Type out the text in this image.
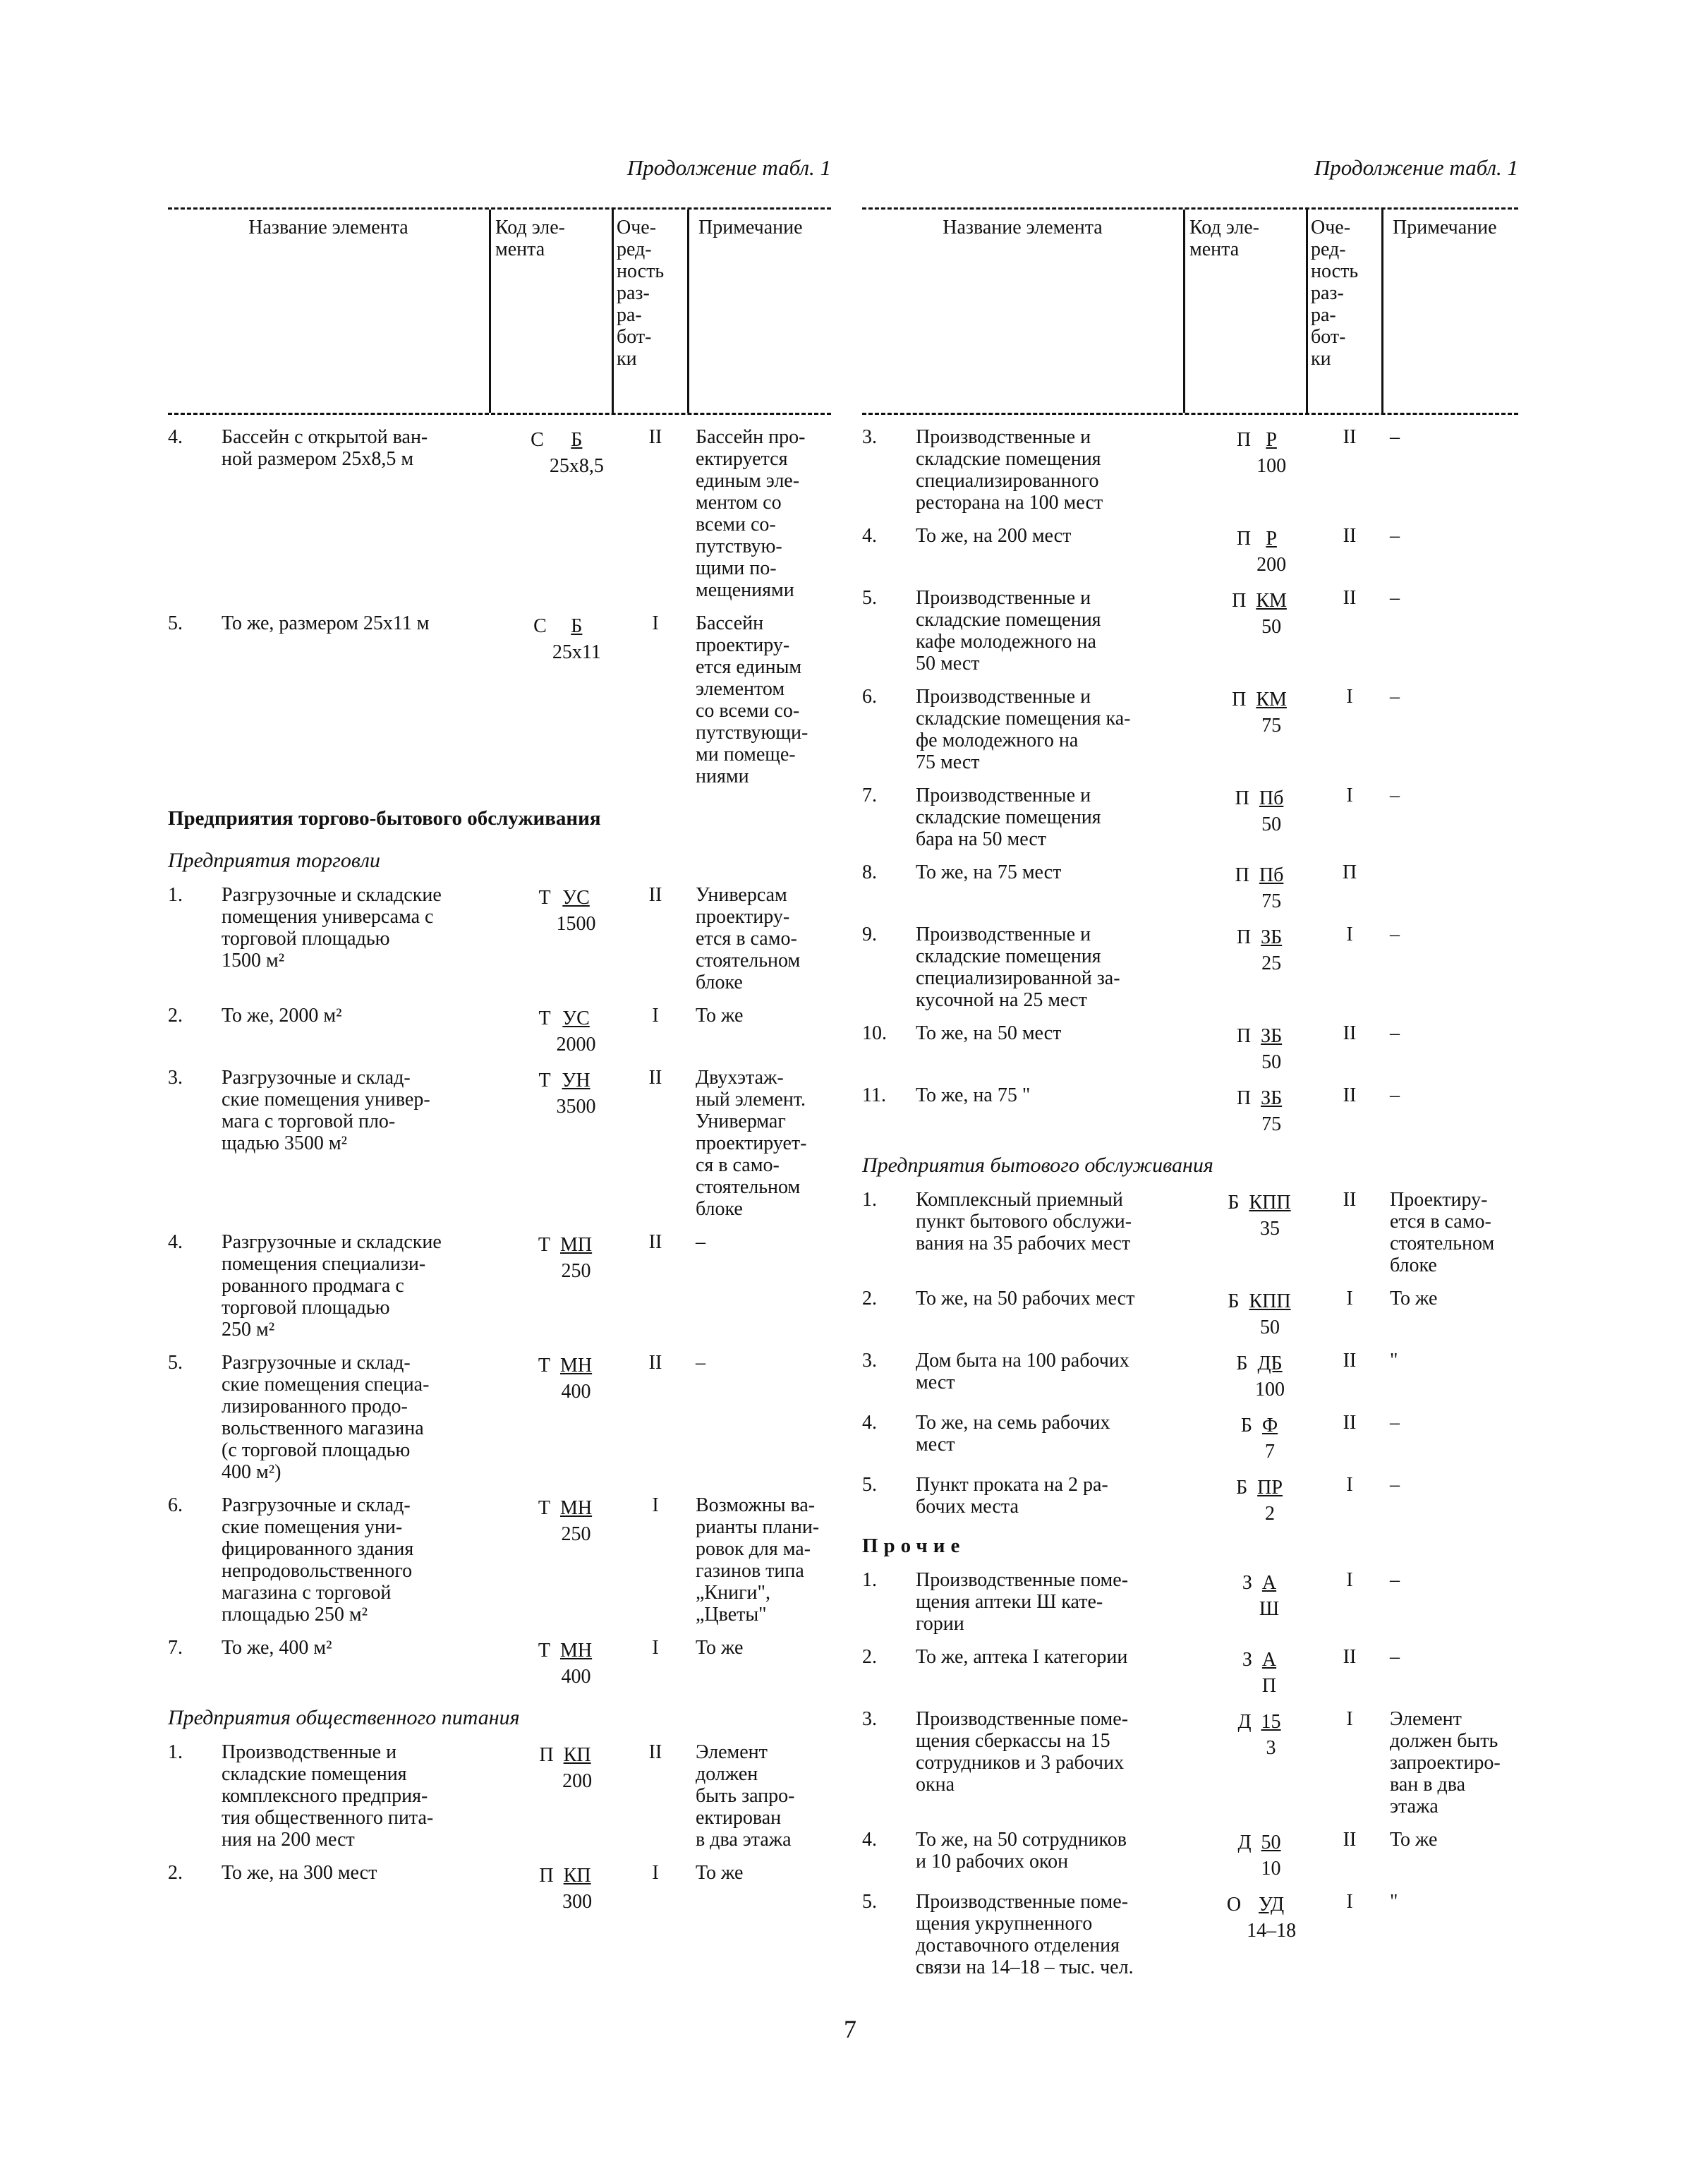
Продолжение табл. 1
Название элемента	Код эле-
мента
Оче-
ред-
ность
раз-
ра-
бот-
ки
Примечание
4.	Бассейн с открытой ван-
ной размером 25х8,5 м
С $\frac{Б}{25х8,5}$	II	Бассейн про-
ектируется
единым эле-
ментом со
всеми со-
путствую-
щими по-
мещениями
5.	То же, размером 25х11 м	С $\frac{Б}{25х11}$	I	Бассейн
проектиру-
ется единым
элементом
со всеми со-
путствующи-
ми помеще-
ниями
Предприятия торгово-бытового обслуживания
Предприятия торговли
1.	Разгрузочные и складские
помещения универсама с
торговой площадью
1500 м²
Т $\frac{УС}{1500}$	II	Универсам
проектиру-
ется в само-
стоятельном
блоке
2.	То же, 2000 м²	Т $\frac{УС}{2000}$	I	То же
3.	Разгрузочные и склад-
ские помещения универ-
мага с торговой пло-
щадью 3500 м²
Т $\frac{УН}{3500}$	II	Двухэтаж-
ный элемент.
Универмаг
проектирует-
ся в само-
стоятельном
блоке
4.	Разгрузочные и складские
помещения специализи-
рованного продмага с
торговой площадью
250 м²
Т $\frac{МП}{250}$	II	–
5.	Разгрузочные и склад-
ские помещения специа-
лизированного продо-
вольственного магазина
(с торговой площадью
400 м²)
Т $\frac{МН}{400}$	II	–
6.	Разгрузочные и склад-
ские помещения уни-
фицированного здания
непродовольственного
магазина с торговой
площадью 250 м²
Т $\frac{МН}{250}$	I	Возможны ва-
рианты плани-
ровок для ма-
газинов типа
„Книги",
„Цветы"
7.	То же, 400 м²	Т $\frac{МН}{400}$	I	То же
Предприятия общественного питания
1.	Производственные и
складские помещения
комплексного предприя-
тия общественного пита-
ния на 200 мест
П $\frac{КП}{200}$	II	Элемент
должен
быть запро-
ектирован
в два этажа
2.	То же, на 300 мест	П $\frac{КП}{300}$	I	То же
Продолжение табл. 1
Название элемента	Код эле-
мента
Оче-
ред-
ность
раз-
ра-
бот-
ки
Примечание
3.	Производственные и
складские помещения
специализированного
ресторана на 100 мест
П $\frac{Р}{100}$	II	–
4.	То же, на 200 мест	П $\frac{Р}{200}$	II	–
5.	Производственные и
складские помещения
кафе молодежного на
50 мест
П $\frac{КМ}{50}$	II	–
6.	Производственные и
складские помещения ка-
фе молодежного на
75 мест
П $\frac{КМ}{75}$	I	–
7.	Производственные и
складские помещения
бара на 50 мест
П $\frac{Пб}{50}$	I	–
8.	То же, на 75 мест	П $\frac{Пб}{75}$	П
9.	Производственные и
складские помещения
специализированной за-
кусочной на 25 мест
П $\frac{ЗБ}{25}$	I	–
10.	То же, на 50 мест	П $\frac{ЗБ}{50}$	II	–
11.	То же, на 75 "	П $\frac{ЗБ}{75}$	II	–
Предприятия бытового обслуживания
1.	Комплексный приемный
пункт бытового обслужи-
вания на 35 рабочих мест
Б $\frac{\text{КПП}}{35}$	II	Проектиру-
ется в само-
стоятельном
блоке
2.	То же, на 50 рабочих мест	Б $\frac{\text{КПП}}{50}$	I	То же
3.	Дом быта на 100 рабочих
мест
Б $\frac{ДБ}{100}$	II	"
4.	То же, на семь рабочих
мест
Б $\frac{Ф}{7}$	II	–
5.	Пункт проката на 2 ра-
бочих места
Б $\frac{ПР}{2}$	I	–
Прочие
1.	Производственные поме-
щения аптеки Ш катe-
гории
З $\frac{А}{Ш}$	I	–
2.	То же, аптека I категории	З $\frac{А}{П}$	II	–
3.	Производственные поме-
щения сберкассы на 15
сотрудников и 3 рабочих
окна
Д $\frac{15}{3}$	I	Элемент
должен быть
запроектиро-
ван в два
этажа
4.	То же, на 50 сотрудников
и 10 рабочих окон
Д $\frac{50}{10}$	II	То же
5.	Производственные поме-
щения укрупненного
доставочного отделения
связи на 14–18 – тыс. чел.
О $\frac{УД}{14-18}$	I	"
7
